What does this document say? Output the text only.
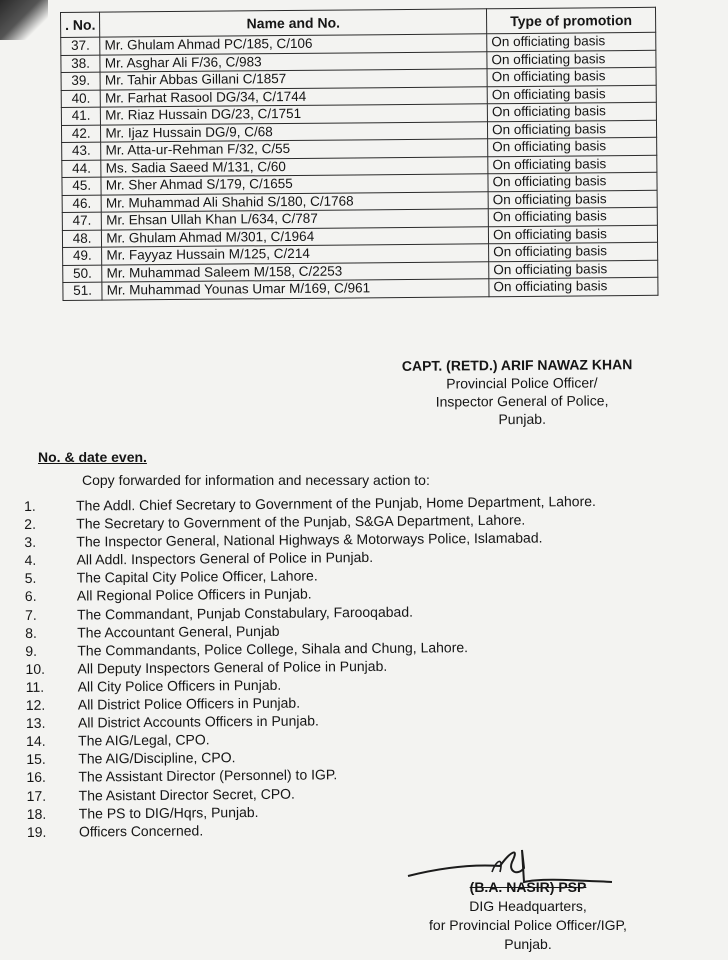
. No.	Name and No.	Type of promotion
37.	Mr. Ghulam Ahmad PC/185, C/106	On officiating basis
38.	Mr. Asghar Ali F/36, C/983	On officiating basis
39.	Mr. Tahir Abbas Gillani C/1857	On officiating basis
40.	Mr. Farhat Rasool DG/34, C/1744	On officiating basis
41.	Mr. Riaz Hussain DG/23, C/1751	On officiating basis
42.	Mr. Ijaz Hussain DG/9, C/68	On officiating basis
43.	Mr. Atta-ur-Rehman F/32, C/55	On officiating basis
44.	Ms. Sadia Saeed M/131, C/60	On officiating basis
45.	Mr. Sher Ahmad S/179, C/1655	On officiating basis
46.	Mr. Muhammad Ali Shahid S/180, C/1768	On officiating basis
47.	Mr. Ehsan Ullah Khan L/634, C/787	On officiating basis
48.	Mr. Ghulam Ahmad M/301, C/1964	On officiating basis
49.	Mr. Fayyaz Hussain M/125, C/214	On officiating basis
50.	Mr. Muhammad Saleem M/158, C/2253	On officiating basis
51.	Mr. Muhammad Younas Umar M/169, C/961	On officiating basis
CAPT. (RETD.) ARIF NAWAZ KHAN
Provincial Police Officer/
Inspector General of Police,
Punjab.
No. & date even.
Copy forwarded for information and necessary action to:
1.	The Addl. Chief Secretary to Government of the Punjab, Home Department, Lahore.
2.	The Secretary to Government of the Punjab, S&GA Department, Lahore.
3.	The Inspector General, National Highways & Motorways Police, Islamabad.
4.	All Addl. Inspectors General of Police in Punjab.
5.	The Capital City Police Officer, Lahore.
6.	All Regional Police Officers in Punjab.
7.	The Commandant, Punjab Constabulary, Farooqabad.
8.	The Accountant General, Punjab
9.	The Commandants, Police College, Sihala and Chung, Lahore.
10. All Deputy Inspectors General of Police in Punjab.
11. All City Police Officers in Punjab.
12. All District Police Officers in Punjab.
13. All District Accounts Officers in Punjab.
14. The AIG/Legal, CPO.
15. The AIG/Discipline, CPO.
16. The Assistant Director (Personnel) to IGP.
17. The Asistant Director Secret, CPO.
18. The PS to DIG/Hqrs, Punjab.
19. Officers Concerned.
(B.A. NASIR) PSP
DIG Headquarters,
for Provincial Police Officer/IGP,
Punjab.
